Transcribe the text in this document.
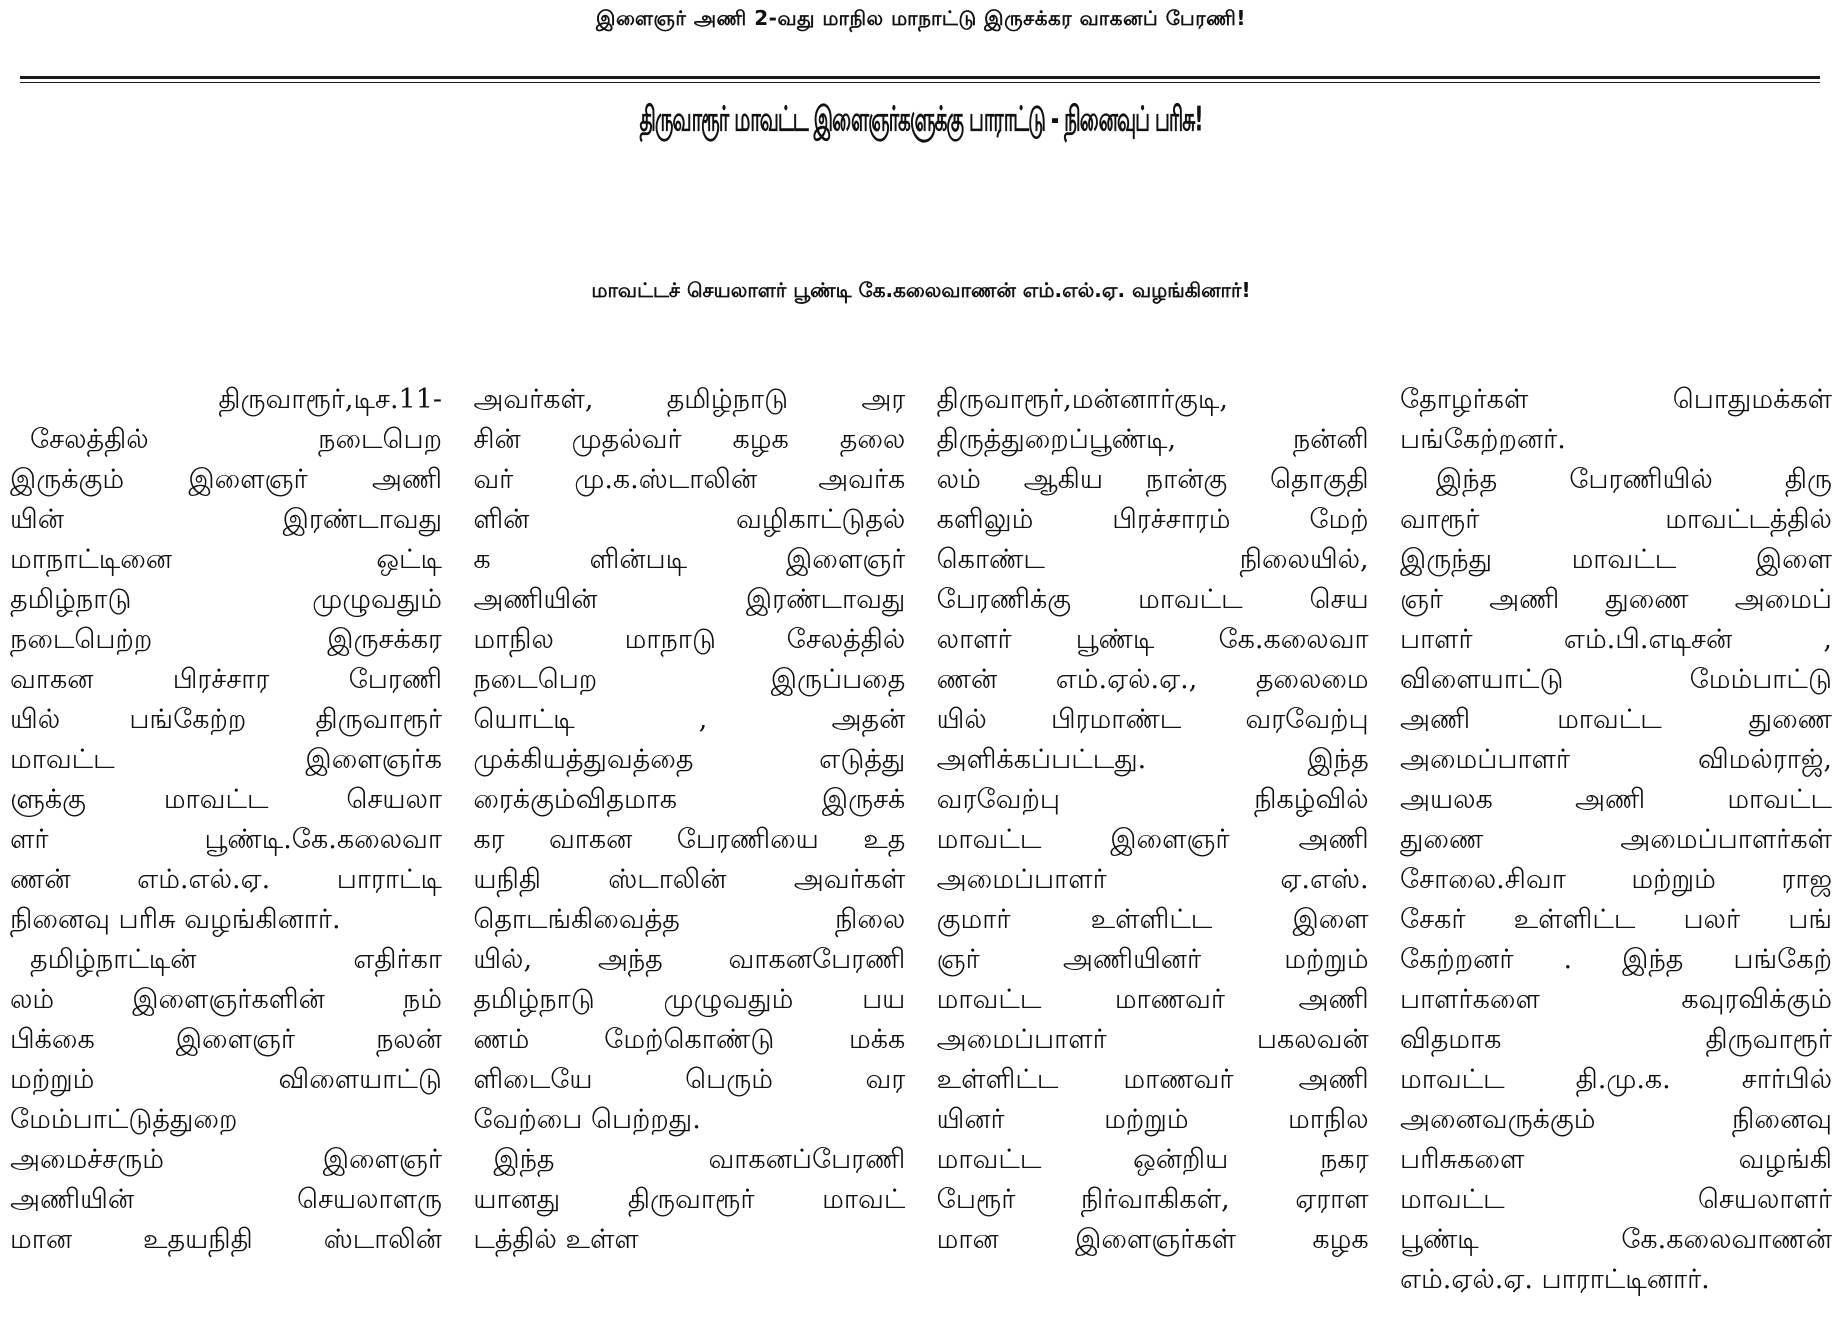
இளைஞர் அணி 2-வது மாநில மாநாட்டு இருசக்கர வாகனப் பேரணி!
திருவாரூர் மாவட்ட இளைஞர்களுக்கு பாராட்டு - நினைவுப் பரிசு!
மாவட்டச் செயலாளர் பூண்டி கே.கலைவாணன் எம்.எல்.ஏ. வழங்கினார்!
திருவாரூர்,டிச.11-
சேலத்தில் நடைபெற
இருக்கும் இளைஞர் அணி
யின் இரண்டாவது
மாநாட்டினை ஒட்டி
தமிழ்நாடு முழுவதும்
நடைபெற்ற இருசக்கர
வாகன பிரச்சார பேரணி
யில் பங்கேற்ற திருவாரூர்
மாவட்ட இளைஞர்க
ளுக்கு மாவட்ட செயலா
ளர் பூண்டி.கே.கலைவா
ணன் எம்.எல்.ஏ. பாராட்டி
நினைவு பரிசு வழங்கினார்.
தமிழ்நாட்டின் எதிர்கா
லம் இளைஞர்களின் நம்
பிக்கை இளைஞர் நலன்
மற்றும் விளையாட்டு
மேம்பாட்டுத்துறை
அமைச்சரும் இளைஞர்
அணியின் செயலாளரு
மான உதயநிதி ஸ்டாலின்
அவர்கள், தமிழ்நாடு அர
சின் முதல்வர் கழக தலை
வர் மு.க.ஸ்டாலின் அவர்க
ளின் வழிகாட்டுதல்
க ளின்படி இளைஞர்
அணியின் இரண்டாவது
மாநில மாநாடு சேலத்தில்
நடைபெற இருப்பதை
யொட்டி , அதன்
முக்கியத்துவத்தை எடுத்து
ரைக்கும்விதமாக இருசக்
கர வாகன பேரணியை உத
யநிதி ஸ்டாலின் அவர்கள்
தொடங்கிவைத்த நிலை
யில், அந்த வாகனபேரணி
தமிழ்நாடு முழுவதும் பய
ணம் மேற்கொண்டு மக்க
ளிடையே பெரும் வர
வேற்பை பெற்றது.
இந்த வாகனப்பேரணி
யானது திருவாரூர் மாவட்
டத்தில் உள்ள
திருவாரூர்,மன்னார்குடி,
திருத்துறைப்பூண்டி, நன்னி
லம் ஆகிய நான்கு தொகுதி
களிலும் பிரச்சாரம் மேற்
கொண்ட நிலையில்,
பேரணிக்கு மாவட்ட செய
லாளர் பூண்டி கே.கலைவா
ணன் எம்.ஏல்.ஏ., தலைமை
யில் பிரமாண்ட வரவேற்பு
அளிக்கப்பட்டது. இந்த
வரவேற்பு நிகழ்வில்
மாவட்ட இளைஞர் அணி
அமைப்பாளர் ஏ.எஸ்.
குமார் உள்ளிட்ட இளை
ஞர் அணியினர் மற்றும்
மாவட்ட மாணவர் அணி
அமைப்பாளர் பகலவன்
உள்ளிட்ட மாணவர் அணி
யினர் மற்றும் மாநில
மாவட்ட ஒன்றிய நகர
பேரூர் நிர்வாகிகள், ஏராள
மான இளைஞர்கள் கழக
தோழர்கள் பொதுமக்கள்
பங்கேற்றனர்.
இந்த பேரணியில் திரு
வாரூர் மாவட்டத்தில்
இருந்து மாவட்ட இளை
ஞர் அணி துணை அமைப்
பாளர் எம்.பி.எடிசன் ,
விளையாட்டு மேம்பாட்டு
அணி மாவட்ட துணை
அமைப்பாளர் விமல்ராஜ்,
அயலக அணி மாவட்ட
துணை அமைப்பாளர்கள்
சோலை.சிவா மற்றும் ராஜ
சேகர் உள்ளிட்ட பலர் பங்
கேற்றனர் . இந்த பங்கேற்
பாளர்களை கவுரவிக்கும்
விதமாக திருவாரூர்
மாவட்ட தி.மு.க. சார்பில்
அனைவருக்கும் நினைவு
பரிசுகளை வழங்கி
மாவட்ட செயலாளர்
பூண்டி கே.கலைவாணன்
எம்.ஏல்.ஏ. பாராட்டினார்.
